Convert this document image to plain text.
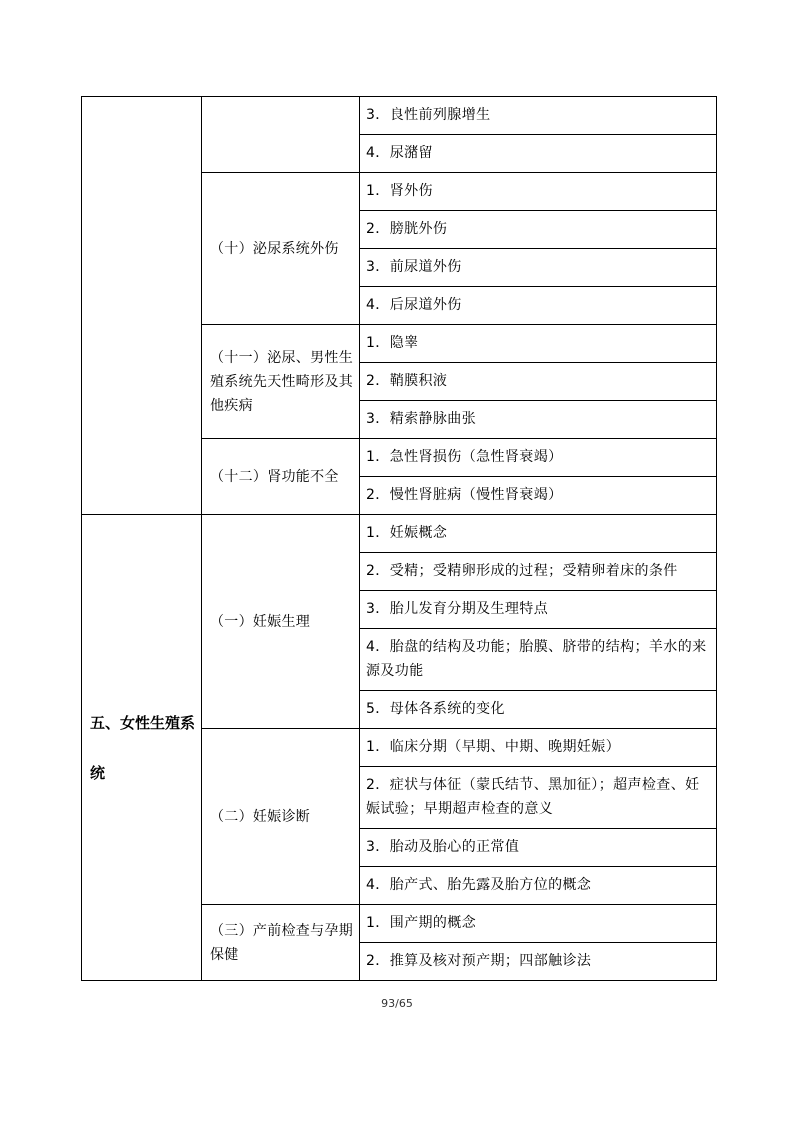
		3．良性前列腺增生
		4．尿潴留
	（十）泌尿系统外伤	1．肾外伤
		2．膀胱外伤
		3．前尿道外伤
		4．后尿道外伤
	（十一）泌尿、男性生殖系统先天性畸形及其他疾病	1．隐睾
		2．鞘膜积液
		3．精索静脉曲张
	（十二）肾功能不全	1．急性肾损伤（急性肾衰竭）
		2．慢性肾脏病（慢性肾衰竭）
五、女性生殖系统	（一）妊娠生理	1．妊娠概念
		2．受精；受精卵形成的过程；受精卵着床的条件
		3．胎儿发育分期及生理特点
		4．胎盘的结构及功能；胎膜、脐带的结构；羊水的来源及功能
		5．母体各系统的变化
	（二）妊娠诊断	1．临床分期（早期、中期、晚期妊娠）
		2．症状与体征（蒙氏结节、黑加征）；超声检查、妊娠试验；早期超声检查的意义
		3．胎动及胎心的正常值
		4．胎产式、胎先露及胎方位的概念
	（三）产前检查与孕期保健	1．围产期的概念
		2．推算及核对预产期；四部触诊法
93/65
